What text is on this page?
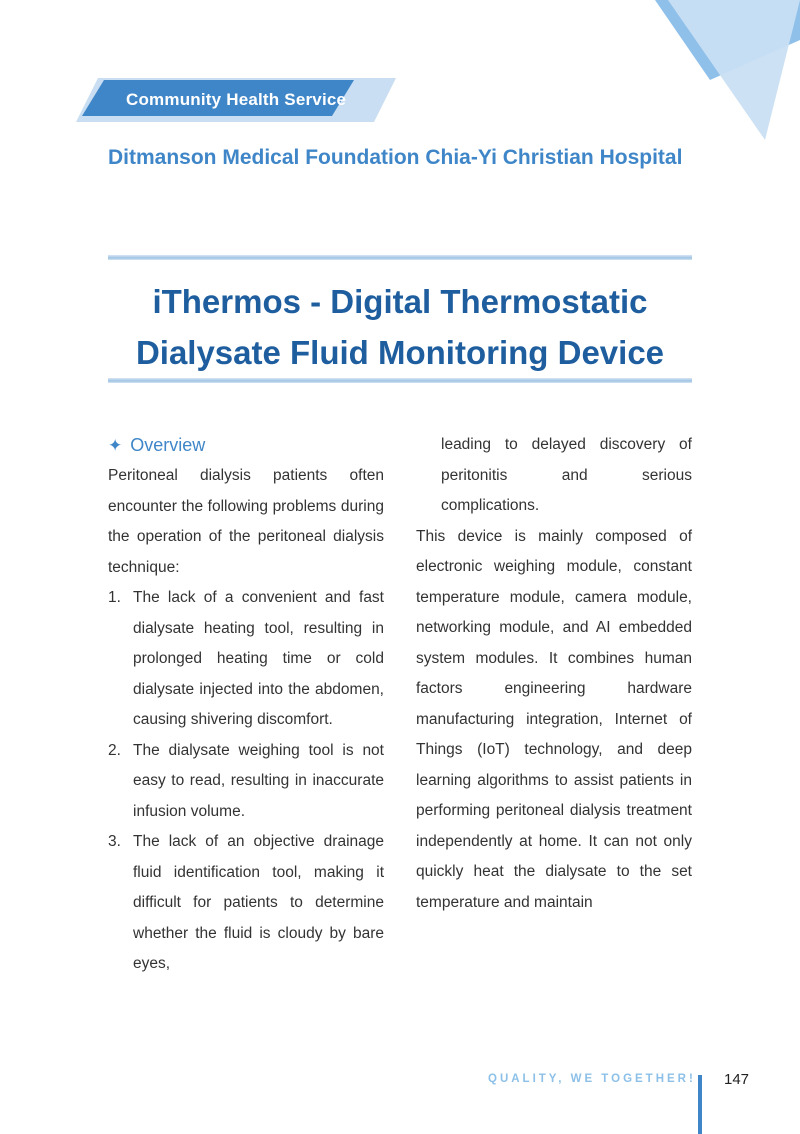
Community Health Service
Ditmanson Medical Foundation Chia-Yi Christian Hospital
iThermos - Digital Thermostatic
Dialysate Fluid Monitoring Device

✦ Overview

Peritoneal dialysis patients often encounter the following problems during the operation of the peritoneal dialysis technique:

1. The lack of a convenient and fast dialysate heating tool, resulting in prolonged heating time or cold dialysate injected into the abdomen, causing shivering discomfort.
2. The dialysate weighing tool is not easy to read, resulting in inaccurate infusion volume.
3. The lack of an objective drainage fluid identification tool, making it difficult for patients to determine whether the fluid is cloudy by bare eyes,

leading to delayed discovery of peritonitis and serious complications.

This device is mainly composed of electronic weighing module, constant temperature module, camera module, networking module, and AI embedded system modules. It combines human factors engineering hardware manufacturing integration, Internet of Things (IoT) technology, and deep learning algorithms to assist patients in performing peritoneal dialysis treatment independently at home. It can not only quickly heat the dialysate to the set temperature and maintain

QUALITY, WE TOGETHER! 147
